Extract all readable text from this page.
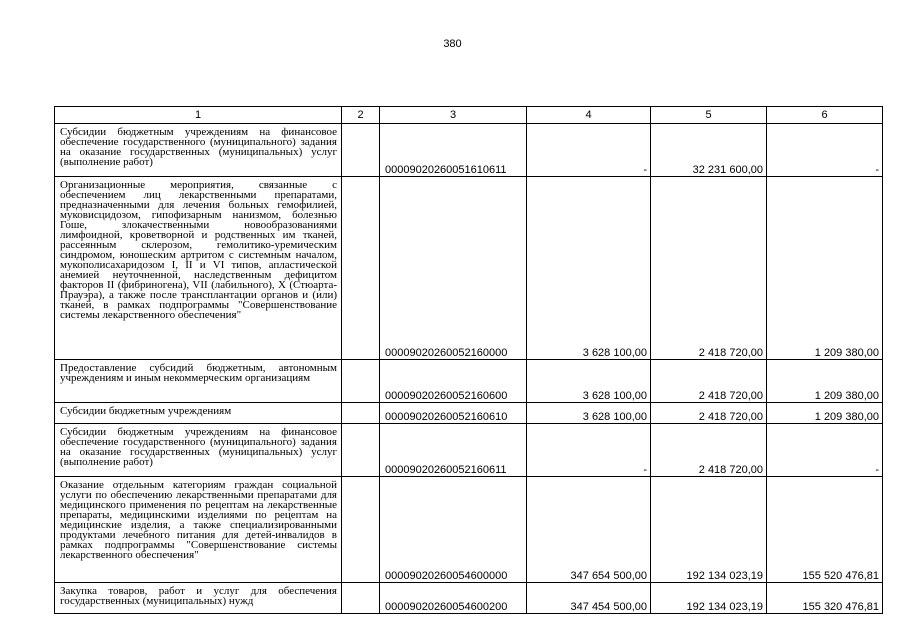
380
1	2	3	4	5	6
Субсидии бюджетным учреждениям на финансовое обеспечение государственного (муниципального) задания на оказание государственных (муниципальных) услуг (выполнение работ)		00009020260051610611	-	32 231 600,00	-
Организационные мероприятия, связанные с обеспечением лиц лекарственными препаратами, предназначенными для лечения больных гемофилией, муковисцидозом, гипофизарным нанизмом, болезнью Гоше, злокачественными новообразованиями лимфоидной, кроветворной и родственных им тканей, рассеянным склерозом, гемолитико-уремическим синдромом, юношеским артритом с системным началом, мукополисахаридозом I, II и VI типов, апластической анемией неуточненной, наследственным дефицитом факторов II (фибриногена), VII (лабильного), X (Стюарта-Прауэра), а также после трансплантации органов и (или) тканей, в рамках подпрограммы "Совершенствование системы лекарственного обеспечения"		00009020260052160000	3 628 100,00	2 418 720,00	1 209 380,00
Предоставление субсидий бюджетным, автономным учреждениям и иным некоммерческим организациям		00009020260052160600	3 628 100,00	2 418 720,00	1 209 380,00
Субсидии бюджетным учреждениям		00009020260052160610	3 628 100,00	2 418 720,00	1 209 380,00
Субсидии бюджетным учреждениям на финансовое обеспечение государственного (муниципального) задания на оказание государственных (муниципальных) услуг (выполнение работ)		00009020260052160611	-	2 418 720,00	-
Оказание отдельным категориям граждан социальной услуги по обеспечению лекарственными препаратами для медицинского применения по рецептам на лекарственные препараты, медицинскими изделиями по рецептам на медицинские изделия, а также специализированными продуктами лечебного питания для детей-инвалидов в рамках подпрограммы "Совершенствование системы лекарственного обеспечения"		00009020260054600000	347 654 500,00	192 134 023,19	155 520 476,81
Закупка товаров, работ и услуг для обеспечения государственных (муниципальных) нужд		00009020260054600200	347 454 500,00	192 134 023,19	155 320 476,81
